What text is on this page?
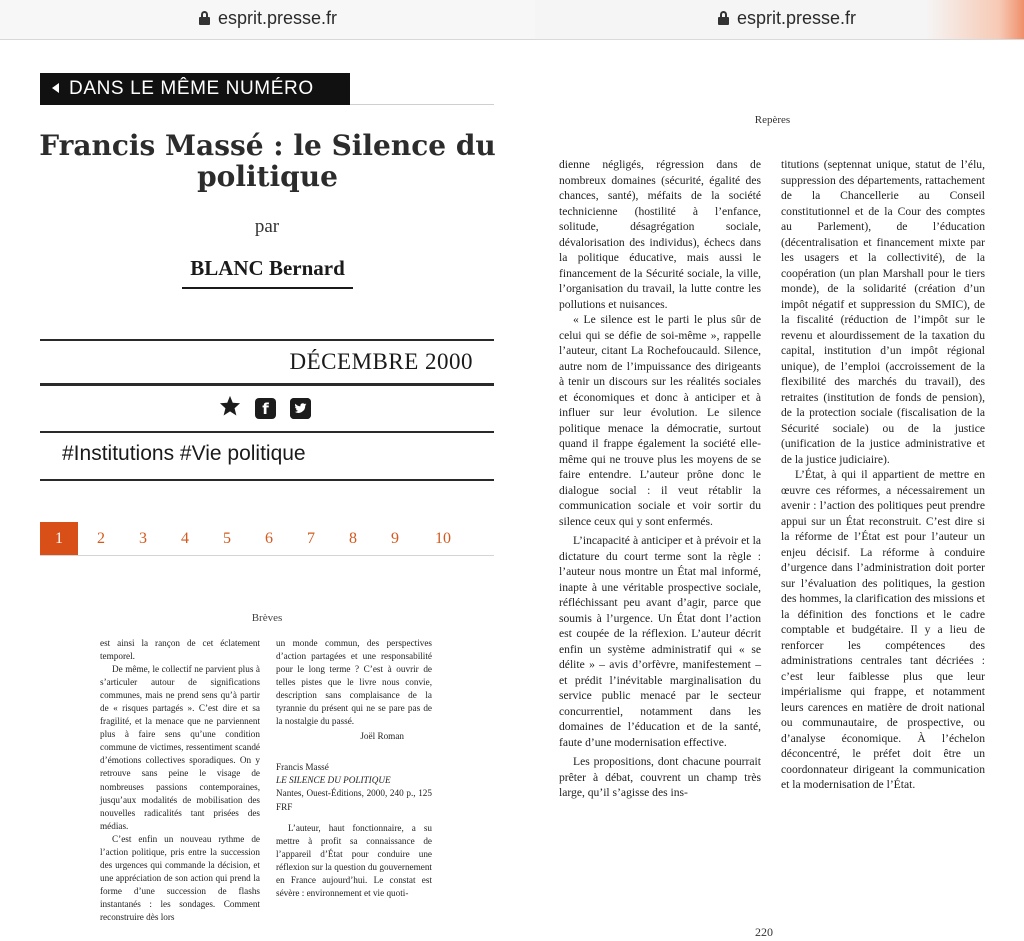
esprit.presse.fr
DANS LE MÊME NUMÉRO
Francis Massé : le Silence du politique
par
BLANC Bernard
DÉCEMBRE 2000
f
#Institutions #Vie politique
1	2	3	4	5	6	7	8	9	10
Brèves

est ainsi la rançon de cet éclatement temporel.

De même, le collectif ne parvient plus à s’articuler autour de significations communes, mais ne prend sens qu’à partir de « risques partagés ». C’est dire et sa fragilité, et la menace que ne parviennent plus à faire sens qu’une condition commune de victimes, ressentiment scandé d’émotions collectives sporadiques. On y retrouve sans peine le visage de nombreuses passions contemporaines, jusqu’aux modalités de mobilisation des nouvelles radicalités tant prisées des médias.

C’est enfin un nouveau rythme de l’action politique, pris entre la succession des urgences qui commande la décision, et une appréciation de son action qui prend la forme d’une succession de flashs instantanés : les sondages. Comment reconstruire dès lors

un monde commun, des perspectives d’action partagées et une responsabilité pour le long terme ? C’est à ouvrir de telles pistes que le livre nous convie, description sans complaisance de la tyrannie du présent qui ne se pare pas de la nostalgie du passé.

Joël Roman

Francis Massé

LE SILENCE DU POLITIQUE

Nantes, Ouest-Éditions, 2000, 240 p., 125 FRF

L’auteur, haut fonctionnaire, a su mettre à profit sa connaissance de l’appareil d’État pour conduire une réflexion sur la question du gouvernement en France aujourd’hui. Le constat est sévère : environnement et vie quoti-

esprit.presse.fr
Repères

dienne négligés, régression dans de nombreux domaines (sécurité, égalité des chances, santé), méfaits de la société technicienne (hostilité à l’enfance, solitude, désagrégation sociale, dévalorisation des individus), échecs dans la politique éducative, mais aussi le financement de la Sécurité sociale, la ville, l’organisation du travail, la lutte contre les pollutions et nuisances.

« Le silence est le parti le plus sûr de celui qui se défie de soi-même », rappelle l’auteur, citant La Rochefoucauld. Silence, autre nom de l’impuissance des dirigeants à tenir un discours sur les réalités sociales et économiques et donc à anticiper et à influer sur leur évolution. Le silence politique menace la démocratie, surtout quand il frappe également la société elle-même qui ne trouve plus les moyens de se faire entendre. L’auteur prône donc le dialogue social : il veut rétablir la communication sociale et voir sortir du silence ceux qui y sont enfermés.

L’incapacité à anticiper et à prévoir et la dictature du court terme sont la règle : l’auteur nous montre un État mal informé, inapte à une véritable prospective sociale, réfléchissant peu avant d’agir, parce que soumis à l’urgence. Un État dont l’action est coupée de la réflexion. L’auteur décrit enfin un système administratif qui « se délite » – avis d’orfèvre, manifestement – et prédit l’inévitable marginalisation du service public menacé par le secteur concurrentiel, notamment dans les domaines de l’éducation et de la santé, faute d’une modernisation effective.

Les propositions, dont chacune pourrait prêter à débat, couvrent un champ très large, qu’il s’agisse des ins-

titutions (septennat unique, statut de l’élu, suppression des départements, rattachement de la Chancellerie au Conseil constitutionnel et de la Cour des comptes au Parlement), de l’éducation (décentralisation et financement mixte par les usagers et la collectivité), de la coopération (un plan Marshall pour le tiers monde), de la solidarité (création d’un impôt négatif et suppression du SMIC), de la fiscalité (réduction de l’impôt sur le revenu et alourdissement de la taxation du capital, institution d’un impôt régional unique), de l’emploi (accroissement de la flexibilité des marchés du travail), des retraites (institution de fonds de pension), de la protection sociale (fiscalisation de la Sécurité sociale) ou de la justice (unification de la justice administrative et de la justice judiciaire).

L’État, à qui il appartient de mettre en œuvre ces réformes, a nécessairement un avenir : l’action des politiques peut prendre appui sur un État reconstruit. C’est dire si la réforme de l’État est pour l’auteur un enjeu décisif. La réforme à conduire d’urgence dans l’administration doit porter sur l’évaluation des politiques, la gestion des hommes, la clarification des missions et la définition des fonctions et le cadre comptable et budgétaire. Il y a lieu de renforcer les compétences des administrations centrales tant décriées : c’est leur faiblesse plus que leur impérialisme qui frappe, et notamment leurs carences en matière de droit national ou communautaire, de prospective, ou d’analyse économique. À l’échelon déconcentré, le préfet doit être un coordonnateur dirigeant la communication et la modernisation de l’État.

220
